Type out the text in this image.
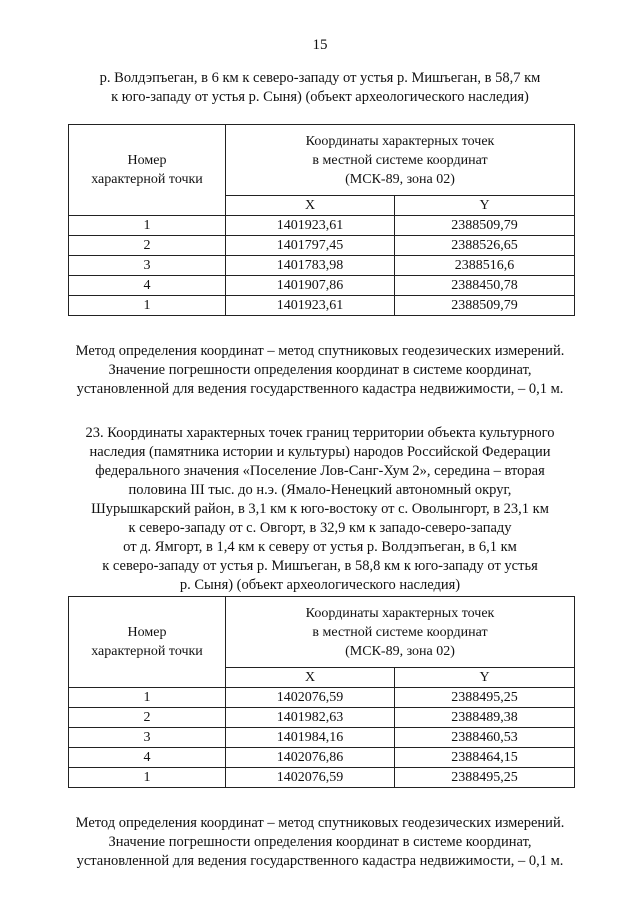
15
р. Волдэпъеган, в 6 км к северо-западу от устья р. Мишъеган, в 58,7 км
к юго-западу от устья р. Сыня) (объект археологического наследия)
Номер
характерной точки	Координаты характерных точек
в местной системе координат
(МСК-89, зона 02)	

	X	Y
1	1401923,61	2388509,79
2	1401797,45	2388526,65
3	1401783,98	2388516,6
4	1401907,86	2388450,78
1	1401923,61	2388509,79
Метод определения координат – метод спутниковых геодезических измерений.
Значение погрешности определения координат в системе координат,
установленной для ведения государственного кадастра недвижимости, – 0,1 м.
23. Координаты характерных точек границ территории объекта культурного
наследия (памятника истории и культуры) народов Российской Федерации
федерального значения «Поселение Лов-Санг-Хум 2», середина – вторая
половина III тыс. до н.э. (Ямало-Ненецкий автономный округ,
Шурышкарский район, в 3,1 км к юго-востоку от с. Оволынгорт, в 23,1 км
к северо-западу от с. Овгорт, в 32,9 км к западо-северо-западу
от д. Ямгорт, в 1,4 км к северу от устья р. Волдэпъеган, в 6,1 км
к северо-западу от устья р. Мишъеган, в 58,8 км к юго-западу от устья
р. Сыня) (объект археологического наследия)
Номер
характерной точки	Координаты характерных точек
в местной системе координат
(МСК-89, зона 02)	

	X	Y
1	1402076,59	2388495,25
2	1401982,63	2388489,38
3	1401984,16	2388460,53
4	1402076,86	2388464,15
1	1402076,59	2388495,25
Метод определения координат – метод спутниковых геодезических измерений.
Значение погрешности определения координат в системе координат,
установленной для ведения государственного кадастра недвижимости, – 0,1 м.
